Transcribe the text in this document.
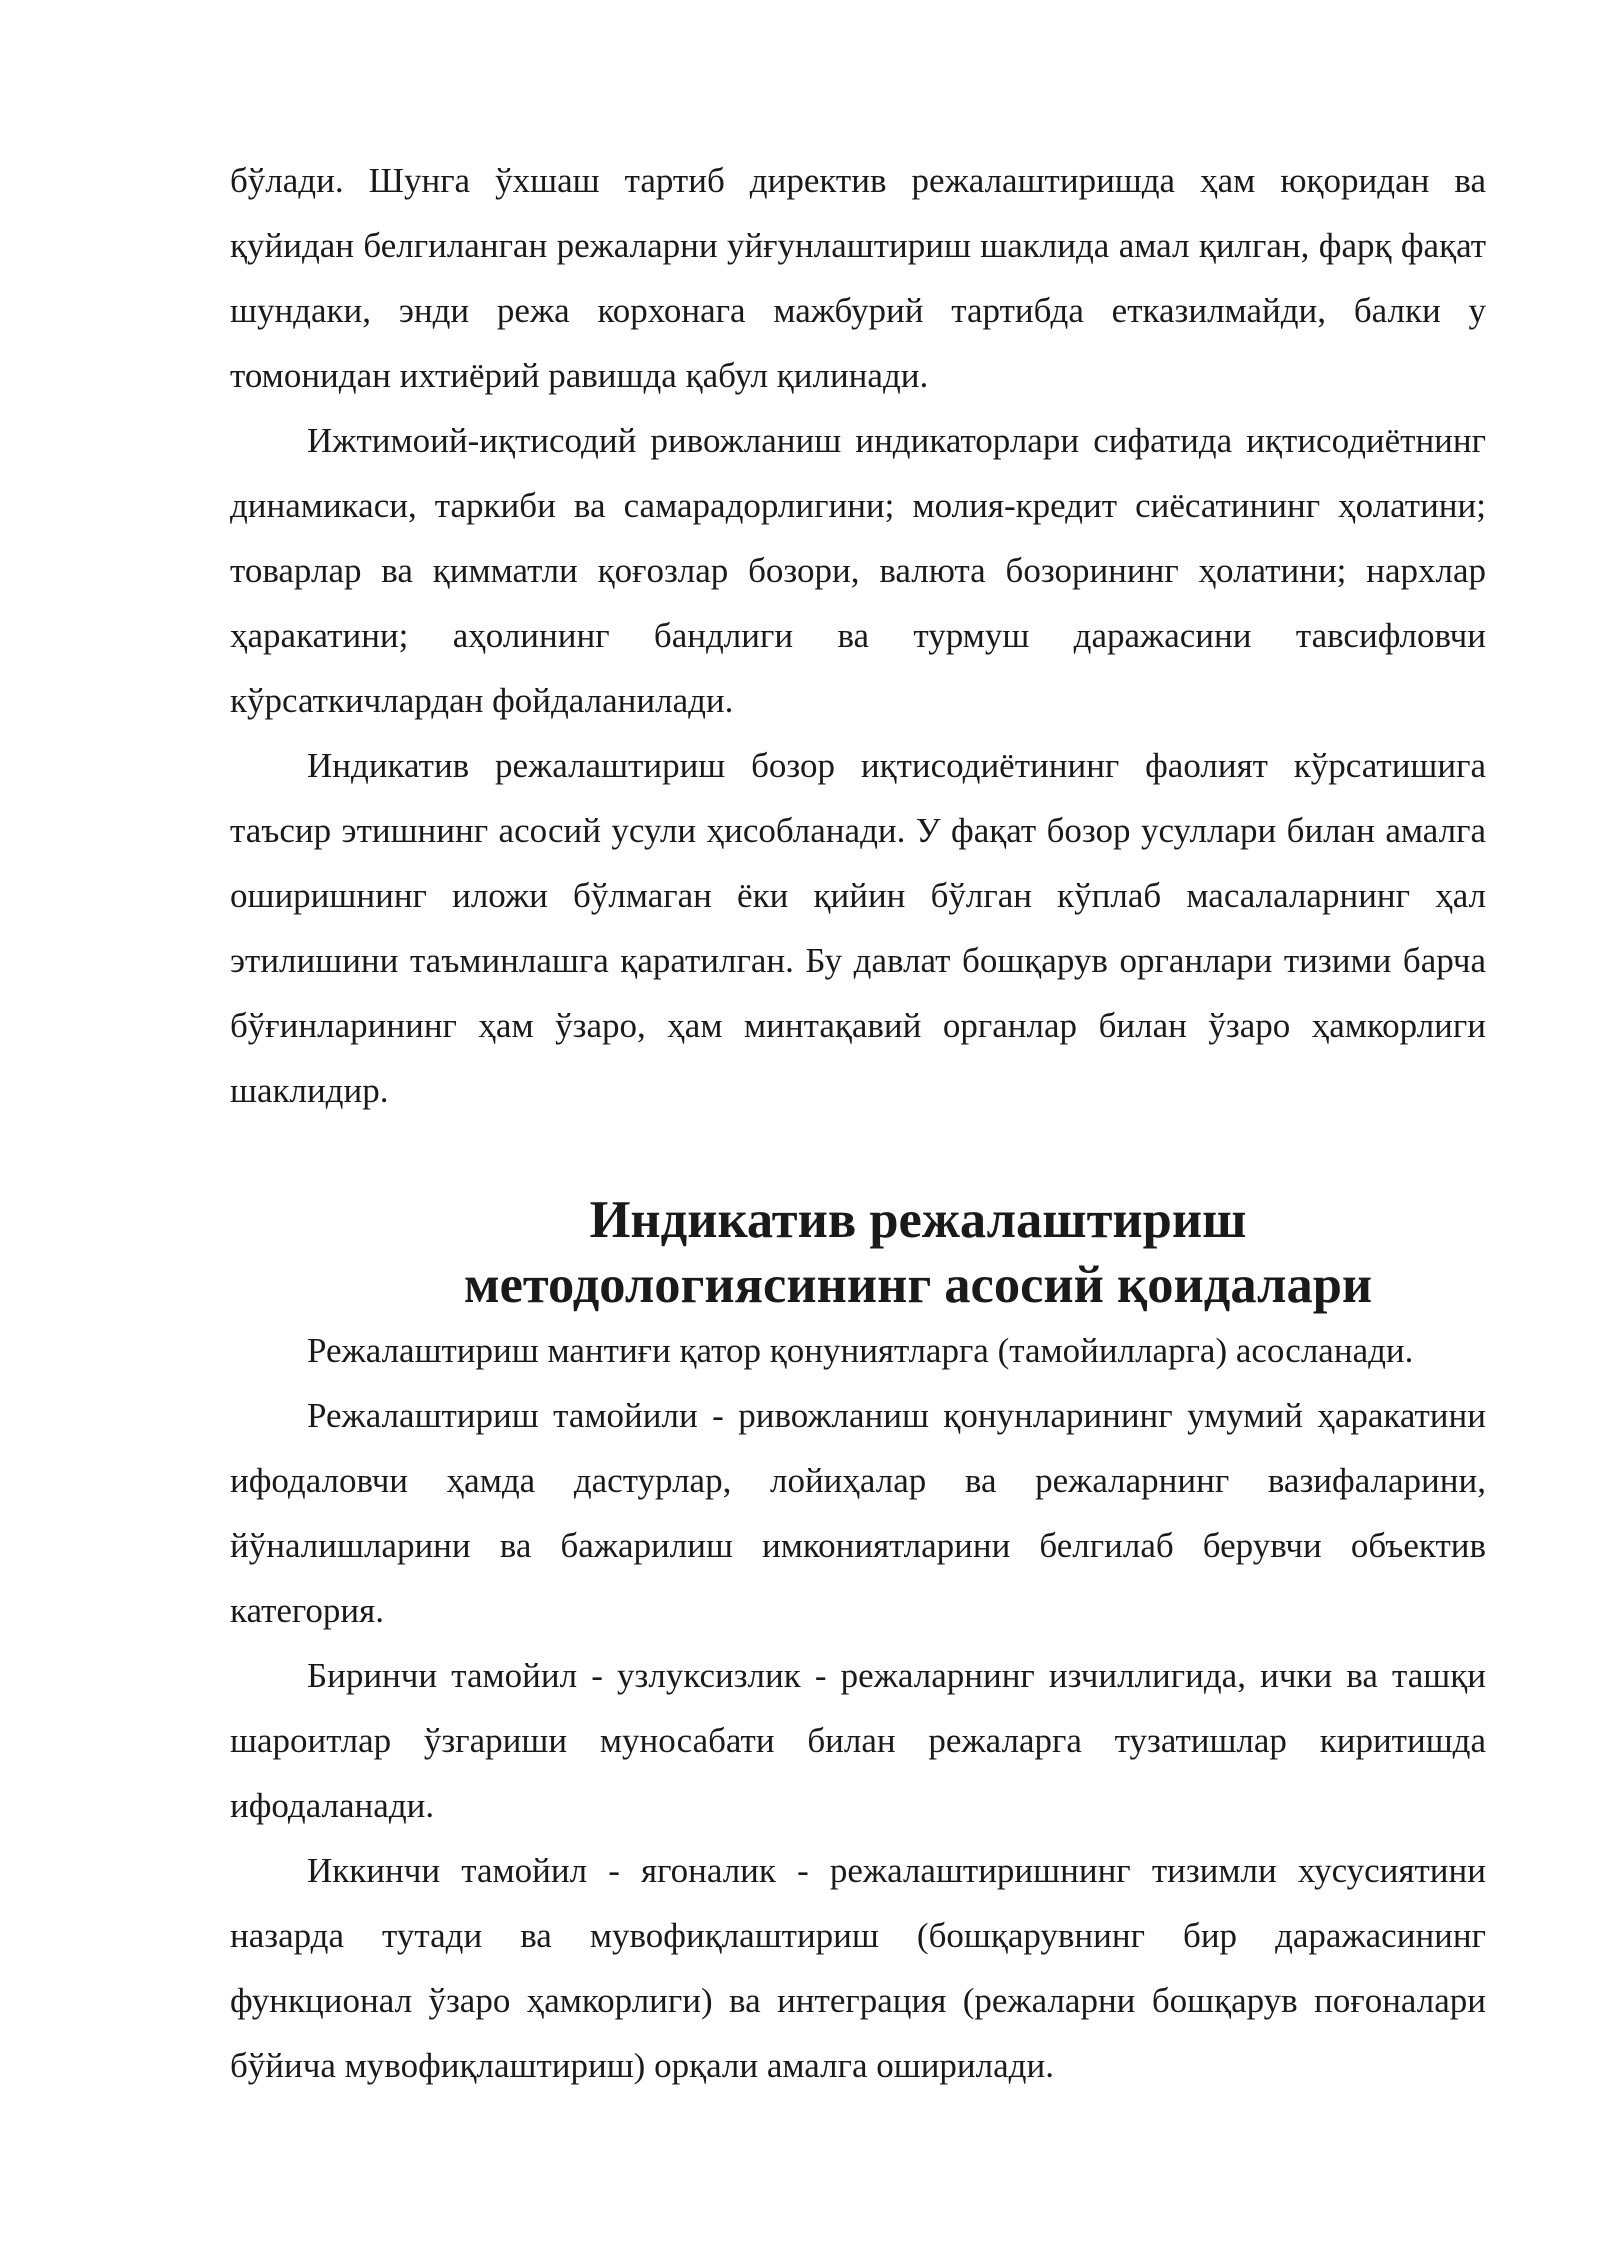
бўлади. Шунга ўхшаш тартиб директив режалаштиришда ҳам юқоридан ва қуйидан белгиланган режаларни уйғунлаштириш шаклида амал қилган, фарқ фақат шундаки, энди режа корхонага мажбурий тартибда етказилмайди, балки у томонидан ихтиёрий равишда қабул қилинади.

Ижтимоий-иқтисодий ривожланиш индикаторлари сифатида иқтисодиётнинг динамикаси, таркиби ва самарадорлигини; молия-кредит сиёсатининг ҳолатини; товарлар ва қимматли қоғозлар бозори, валюта бозорининг ҳолатини; нархлар ҳаракатини; аҳолининг бандлиги ва турмуш даражасини тавсифловчи кўрсаткичлардан фойдаланилади.

Индикатив режалаштириш бозор иқтисодиётининг фаолият кўрсатишига таъсир этишнинг асосий усули ҳисобланади. У фақат бозор усуллари билан амалга оширишнинг иложи бўлмаган ёки қийин бўлган кўплаб масалаларнинг ҳал этилишини таъминлашга қаратилган. Бу давлат бошқарув органлари тизими барча бўғинларининг ҳам ўзаро, ҳам минтақавий органлар билан ўзаро ҳамкорлиги шаклидир.

Индикатив режалаштириш методологиясининг асосий қоидалари

Режалаштириш мантиғи қатор қонуниятларга (тамойилларга) асосланади.

Режалаштириш тамойили - ривожланиш қонунларининг умумий ҳаракатини ифодаловчи ҳамда дастурлар, лойиҳалар ва режаларнинг вазифаларини, йўналишларини ва бажарилиш имкониятларини белгилаб берувчи объектив категория.

Биринчи тамойил - узлуксизлик - режаларнинг изчиллигида, ички ва ташқи шароитлар ўзгариши муносабати билан режаларга тузатишлар киритишда ифодаланади.

Иккинчи тамойил - ягоналик - режалаштиришнинг тизимли хусусиятини назарда тутади ва мувофиқлаштириш (бошқарувнинг бир даражасининг функционал ўзаро ҳамкорлиги) ва интеграция (режаларни бошқарув поғоналари бўйича мувофиқлаштириш) орқали амалга оширилади.
